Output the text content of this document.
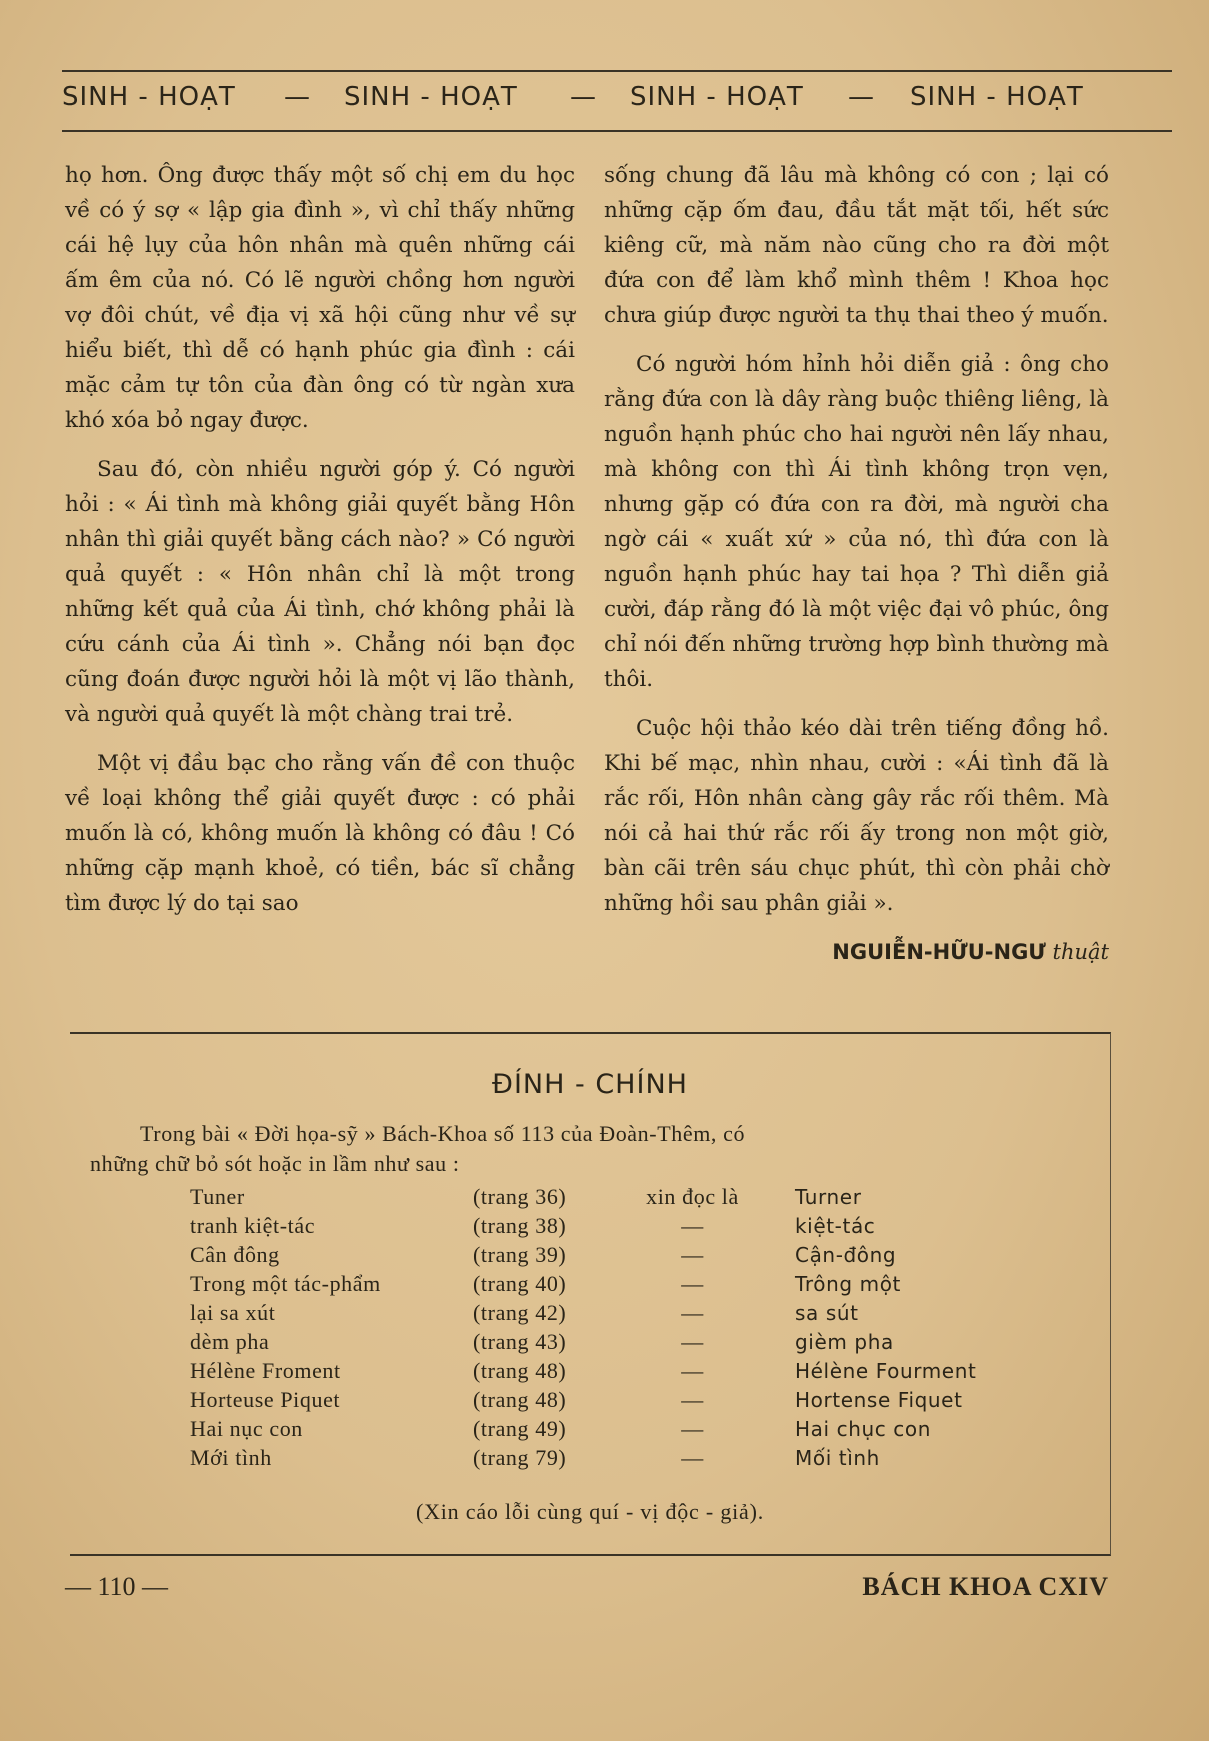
SINH - HOẠT — SINH - HOẠT — SINH - HOẠT — SINH - HOẠT

họ hơn. Ông được thấy một số chị em du học về có ý sợ « lập gia đình », vì chỉ thấy những cái hệ lụy của hôn nhân mà quên những cái ấm êm của nó. Có lẽ người chồng hơn người vợ đôi chút, về địa vị xã hội cũng như về sự hiểu biết, thì dễ có hạnh phúc gia đình : cái mặc cảm tự tôn của đàn ông có từ ngàn xưa khó xóa bỏ ngay được.

Sau đó, còn nhiều người góp ý. Có người hỏi : « Ái tình mà không giải quyết bằng Hôn nhân thì giải quyết bằng cách nào? » Có người quả quyết : « Hôn nhân chỉ là một trong những kết quả của Ái tình, chớ không phải là cứu cánh của Ái tình ». Chẳng nói bạn đọc cũng đoán được người hỏi là một vị lão thành, và người quả quyết là một chàng trai trẻ.

Một vị đầu bạc cho rằng vấn đề con thuộc về loại không thể giải quyết được : có phải muốn là có, không muốn là không có đâu ! Có những cặp mạnh khoẻ, có tiền, bác sĩ chẳng tìm được lý do tại sao

sống chung đã lâu mà không có con ; lại có những cặp ốm đau, đầu tắt mặt tối, hết sức kiêng cữ, mà năm nào cũng cho ra đời một đứa con để làm khổ mình thêm ! Khoa học chưa giúp được người ta thụ thai theo ý muốn.

Có người hóm hỉnh hỏi diễn giả : ông cho rằng đứa con là dây ràng buộc thiêng liêng, là nguồn hạnh phúc cho hai người nên lấy nhau, mà không con thì Ái tình không trọn vẹn, nhưng gặp có đứa con ra đời, mà người cha ngờ cái « xuất xứ » của nó, thì đứa con là nguồn hạnh phúc hay tai họa ? Thì diễn giả cười, đáp rằng đó là một việc đại vô phúc, ông chỉ nói đến những trường hợp bình thường mà thôi.

Cuộc hội thảo kéo dài trên tiếng đồng hồ. Khi bế mạc, nhìn nhau, cười : «Ái tình đã là rắc rối, Hôn nhân càng gây rắc rối thêm. Mà nói cả hai thứ rắc rối ấy trong non một giờ, bàn cãi trên sáu chục phút, thì còn phải chờ những hồi sau phân giải ».

NGUIỄN-HỮU-NGƯ thuật
ĐÍNH - CHÍNH
Trong bài « Đời họa-sỹ » Bách-Khoa số 113 của Đoàn-Thêm, có
những chữ bỏ sót hoặc in lầm như sau :
Tuner	(trang 36)	xin đọc là	Turner
tranh kiệt-tác	(trang 38)	—	kiệt-tác
Cân đông	(trang 39)	—	Cận-đông
Trong một tác-phẩm	(trang 40)	—	Trông một
lại sa xút	(trang 42)	—	sa sút
dèm pha	(trang 43)	—	gièm pha
Hélène Froment	(trang 48)	—	Hélène Fourment
Horteuse Piquet	(trang 48)	—	Hortense Fiquet
Hai nục con	(trang 49)	—	Hai chục con
Mới tình	(trang 79)	—	Mối tình
(Xin cáo lỗi cùng quí - vị độc - giả).
— 110 —	BÁCH KHOA CXIV
